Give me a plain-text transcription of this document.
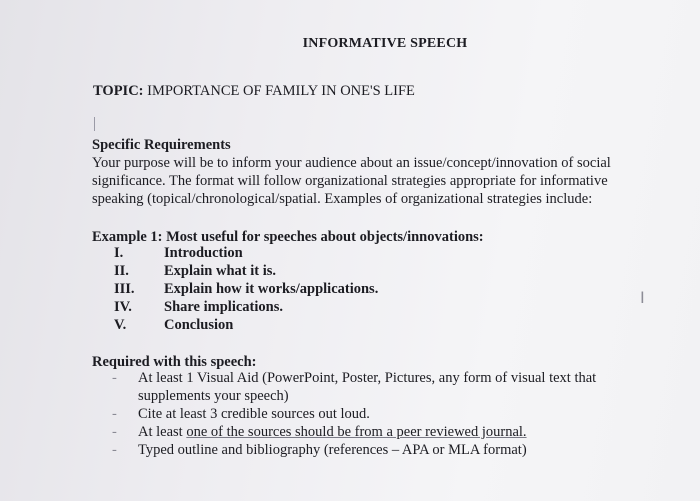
INFORMATIVE SPEECH
TOPIC: IMPORTANCE OF FAMILY IN ONE'S LIFE
Specific Requirements

Your purpose will be to inform your audience about an issue/concept/innovation of social significance. The format will follow organizational strategies appropriate for informative speaking (topical/chronological/spatial. Examples of organizational strategies include:

Example 1: Most useful for speeches about objects/innovations:
I.	Introduction
II.	Explain what it is.
III.	Explain how it works/applications.
IV.	Share implications.
V.	Conclusion
Required with this speech:
-	At least 1 Visual Aid (PowerPoint, Poster, Pictures, any form of visual text that supplements your speech)
-	Cite at least 3 credible sources out loud.
-	At least one of the sources should be from a peer reviewed journal.
-	Typed outline and bibliography (references – APA or MLA format)
I
